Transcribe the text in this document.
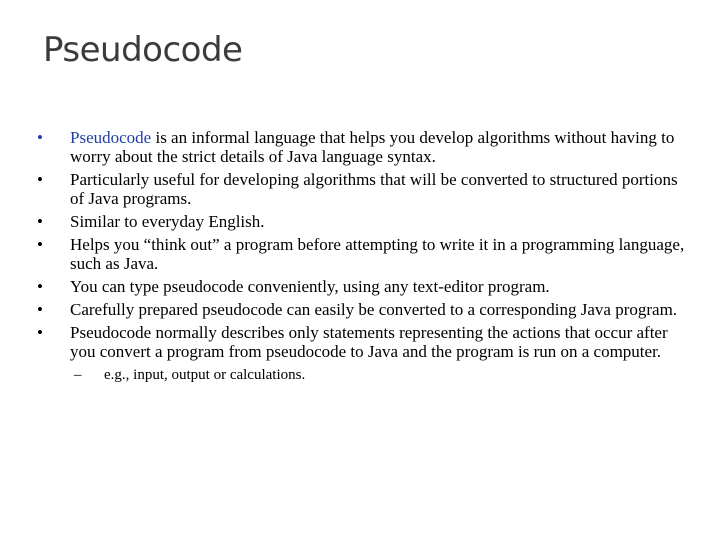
Pseudocode
•	Pseudocode is an informal language that helps you develop algorithms without having to worry about the strict details of Java language syntax.
•	Particularly useful for developing algorithms that will be converted to structured portions of Java programs.
•	Similar to everyday English.
•	Helps you “think out” a program before attempting to write it in a programming language, such as Java.
•	You can type pseudocode conveniently, using any text-editor program.
•	Carefully prepared pseudocode can easily be converted to a corresponding Java program.
•	Pseudocode normally describes only statements representing the actions that occur after you convert a program from pseudocode to Java and the program is run on a computer.
– e.g., input, output or calculations.
